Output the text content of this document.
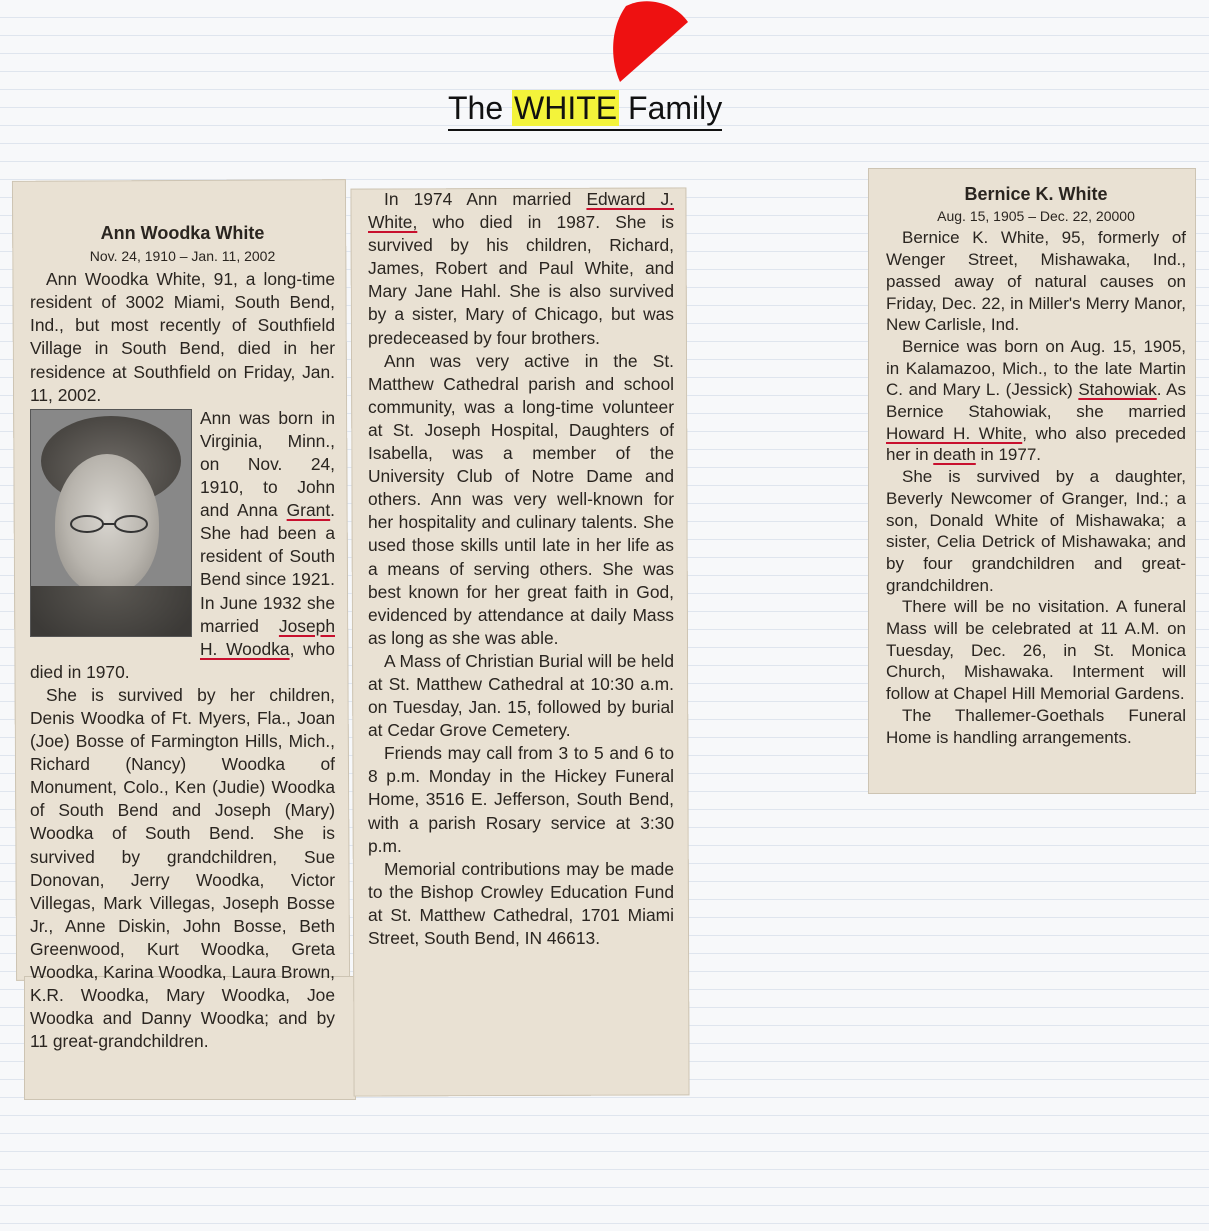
The WHITE Family
Ann Woodka White
Nov. 24, 1910 – Jan. 11, 2002

Ann Woodka White, 91, a long-time resident of 3002 Miami, South Bend, Ind., but most recently of Southfield Village in South Bend, died in her residence at Southfield on Friday, Jan. 11, 2002.

Ann was born in Virginia, Minn., on Nov. 24, 1910, to John and Anna Grant. She had been a resident of South Bend since 1921. In June 1932 she married Joseph H. Woodka, who died in 1970.

She is survived by her children, Denis Woodka of Ft. Myers, Fla., Joan (Joe) Bosse of Farmington Hills, Mich., Richard (Nancy) Woodka of Monument, Colo., Ken (Judie) Woodka of South Bend and Joseph (Mary) Woodka of South Bend. She is survived by grandchildren, Sue Donovan, Jerry Woodka, Victor Villegas, Mark Villegas, Joseph Bosse Jr., Anne Diskin, John Bosse, Beth Greenwood, Kurt Woodka, Greta Woodka, Karina Woodka, Laura Brown, K.R. Woodka, Mary Woodka, Joe Woodka and Danny Woodka; and by 11 great-grandchildren.

In 1974 Ann married Edward J. White, who died in 1987. She is survived by his children, Richard, James, Robert and Paul White, and Mary Jane Hahl. She is also survived by a sister, Mary of Chicago, but was predeceased by four brothers.

Ann was very active in the St. Matthew Cathedral parish and school community, was a long-time volunteer at St. Joseph Hospital, Daughters of Isabella, was a member of the University Club of Notre Dame and others. Ann was very well-known for her hospitality and culinary talents. She used those skills until late in her life as a means of serving others. She was best known for her great faith in God, evidenced by attendance at daily Mass as long as she was able.

A Mass of Christian Burial will be held at St. Matthew Cathedral at 10:30 a.m. on Tuesday, Jan. 15, followed by burial at Cedar Grove Cemetery.

Friends may call from 3 to 5 and 6 to 8 p.m. Monday in the Hickey Funeral Home, 3516 E. Jefferson, South Bend, with a parish Rosary service at 3:30 p.m.

Memorial contributions may be made to the Bishop Crowley Education Fund at St. Matthew Cathedral, 1701 Miami Street, South Bend, IN 46613.

Bernice K. White
Aug. 15, 1905 – Dec. 22, 20000

Bernice K. White, 95, formerly of Wenger Street, Mishawaka, Ind., passed away of natural causes on Friday, Dec. 22, in Miller's Merry Manor, New Carlisle, Ind.

Bernice was born on Aug. 15, 1905, in Kalamazoo, Mich., to the late Martin C. and Mary L. (Jessick) Stahowiak. As Bernice Stahowiak, she married Howard H. White, who also preceded her in death in 1977.

She is survived by a daughter, Beverly Newcomer of Granger, Ind.; a son, Donald White of Mishawaka; a sister, Celia Detrick of Mishawaka; and by four grandchildren and great-grandchildren.

There will be no visitation. A funeral Mass will be celebrated at 11 A.M. on Tuesday, Dec. 26, in St. Monica Church, Mishawaka. Interment will follow at Chapel Hill Memorial Gardens.

The Thallemer-Goethals Funeral Home is handling arrangements.
